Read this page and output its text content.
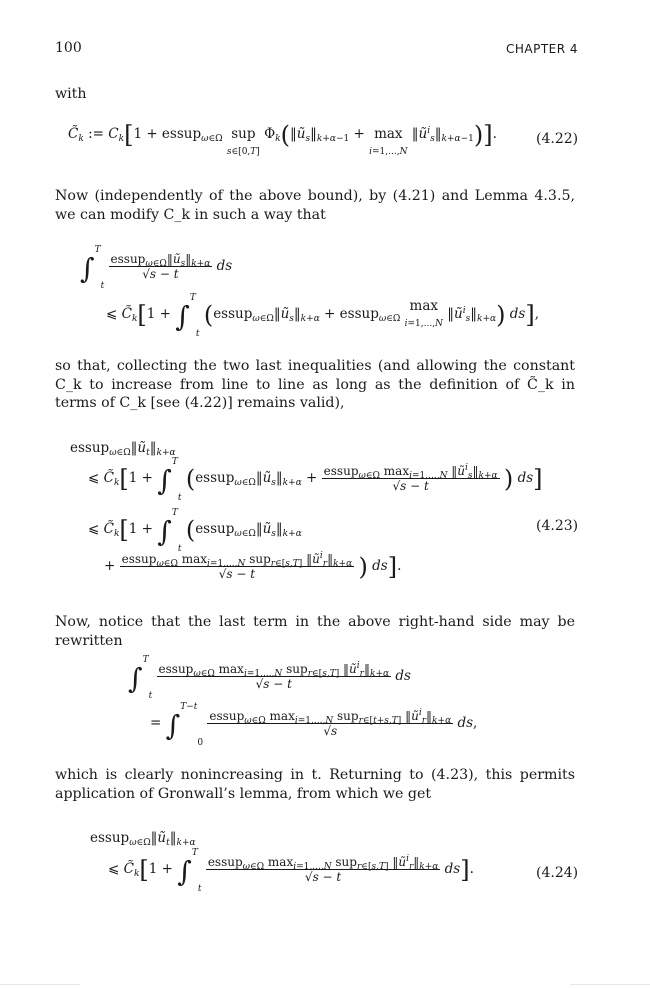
100	CHAPTER 4
with
$C̃_k$ := $C_k[1$ + essup$_{\omega\in\Omega}$ sup
s∈[0,T] $\Phi_k(‖ũ_s‖_{k+\alpha-1} + \max$
i=1,...,N $‖ũ^i_s‖_{k+\alpha-1}$)].	(4.22)
Now (independently of the above bound), by (4.21) and Lemma 4.3.5, we can modify C_k in such a way that
∫$^T_t$
$\frac{essup_{\omega\in\Omega}‖ũ_s‖_{k+\alpha}}{√s - t}$ ds
⩽ $C̃_k[1 + \int^T_t$ ($essup_{\omega\in\Omega}‖ũ_s‖_{k+\alpha}$ + essup$_{\omega\in\Omega}$ max
i=1,...,N $‖ũ^i_s‖_{k+\alpha}$) ds],
so that, collecting the two last inequalities (and allowing the constant C_k to increase from line to line as long as the definition of C̃_k in terms of C_k [see (4.22)] remains valid),
$essup_{\omega\in\Omega}‖ũ_t‖_{k+\alpha}$
⩽ $C̃_k[1 + \int^T_t$ ($essup_{\omega\in\Omega}‖ũ_s‖_{k+\alpha} + \frac{essup_{\omega\in\Omega} \max_{i=1,...,N} ‖ũ^i_s‖_{k+\alpha}}{√s - t}$ ) ds]
⩽ $C̃_k[1 + \int^T_t$ ($essup_{\omega\in\Omega}‖ũ_s‖_{k+\alpha}$	(4.23)
+ $\frac{essup_{\omega\in\Omega} \max_{i=1,...,N} sup_{r\in[s,T]} ‖ũ^i_r‖_{k+\alpha}}{√s - t}$ ) ds].
Now, notice that the last term in the above right-hand side may be rewritten
∫$^T_t$
$\frac{essup_{\omega\in\Omega} \max_{i=1,...,N} sup_{r\in[s,T]} ‖ũ^i_r‖_{k+\alpha}}{√s - t}$ ds
= ∫$^{T-t}_0$
$\frac{essup_{\omega\in\Omega} \max_{i=1,...,N} sup_{r\in[t+s,T]} ‖ũ^i_r‖_{k+\alpha}}{√s}$ ds,
which is clearly nonincreasing in t. Returning to (4.23), this permits application of Gronwall’s lemma, from which we get
$essup_{\omega\in\Omega}‖ũ_t‖_{k+\alpha}$
⩽ $C̃_k[1 + \int^T_t$
$\frac{essup_{\omega\in\Omega} \max_{i=1,...,N} sup_{r\in[s,T]} ‖ũ^i_r‖_{k+\alpha}}{√s - t} ds$].	(4.24)
